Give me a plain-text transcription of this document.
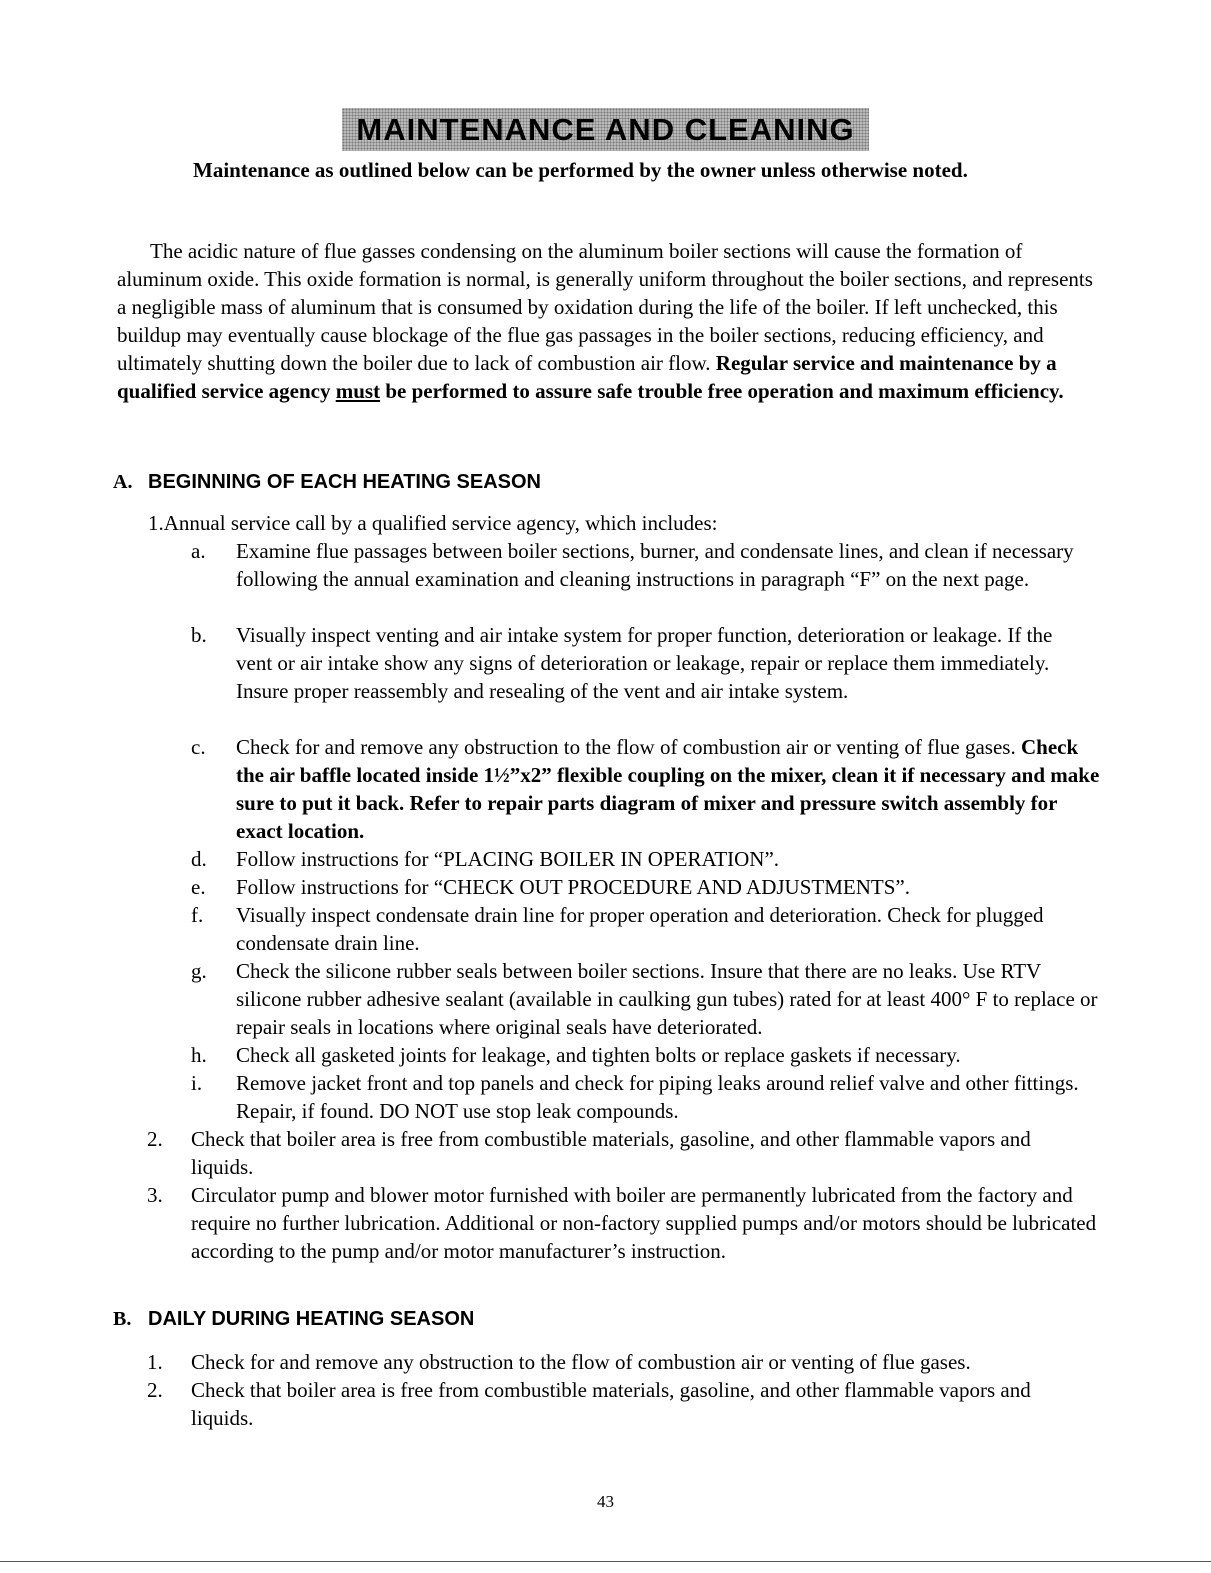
MAINTENANCE AND CLEANING
Maintenance as outlined below can be performed by the owner unless otherwise noted.
The acidic nature of flue gasses condensing on the aluminum boiler sections will cause the formation of aluminum oxide. This oxide formation is normal, is generally uniform throughout the boiler sections, and represents a negligible mass of aluminum that is consumed by oxidation during the life of the boiler. If left unchecked, this buildup may eventually cause blockage of the flue gas passages in the boiler sections, reducing efficiency, and ultimately shutting down the boiler due to lack of combustion air flow. Regular service and maintenance by a qualified service agency must be performed to assure safe trouble free operation and maximum efficiency.
A. BEGINNING OF EACH HEATING SEASON
1.Annual service call by a qualified service agency, which includes:
a. Examine flue passages between boiler sections, burner, and condensate lines, and clean if necessary following the annual examination and cleaning instructions in paragraph “F” on the next page.
b. Visually inspect venting and air intake system for proper function, deterioration or leakage. If the vent or air intake show any signs of deterioration or leakage, repair or replace them immediately. Insure proper reassembly and resealing of the vent and air intake system.
c. Check for and remove any obstruction to the flow of combustion air or venting of flue gases. Check the air baffle located inside 1½”x2” flexible coupling on the mixer, clean it if necessary and make sure to put it back. Refer to repair parts diagram of mixer and pressure switch assembly for exact location.
d. Follow instructions for “PLACING BOILER IN OPERATION”.
e. Follow instructions for “CHECK OUT PROCEDURE AND ADJUSTMENTS”.
f. Visually inspect condensate drain line for proper operation and deterioration. Check for plugged condensate drain line.
g. Check the silicone rubber seals between boiler sections. Insure that there are no leaks. Use RTV silicone rubber adhesive sealant (available in caulking gun tubes) rated for at least 400° F to replace or repair seals in locations where original seals have deteriorated.
h. Check all gasketed joints for leakage, and tighten bolts or replace gaskets if necessary.
i. Remove jacket front and top panels and check for piping leaks around relief valve and other fittings. Repair, if found. DO NOT use stop leak compounds.
2. Check that boiler area is free from combustible materials, gasoline, and other flammable vapors and liquids.
3. Circulator pump and blower motor furnished with boiler are permanently lubricated from the factory and require no further lubrication. Additional or non-factory supplied pumps and/or motors should be lubricated according to the pump and/or motor manufacturer’s instruction.
B. DAILY DURING HEATING SEASON
1. Check for and remove any obstruction to the flow of combustion air or venting of flue gases.
2. Check that boiler area is free from combustible materials, gasoline, and other flammable vapors and liquids.
43
